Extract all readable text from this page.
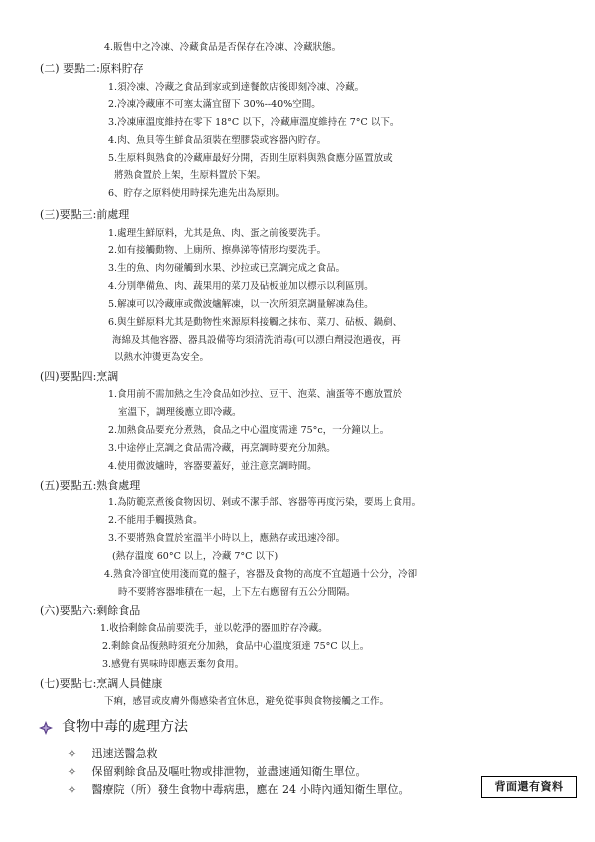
4.販售中之冷凍、冷藏食品是否保存在冷凍、冷藏狀態。
(二) 要點二:原料貯存
1.須冷凍、冷藏之食品到家或到達餐飲店後即刻冷凍、冷藏。
2.冷凍冷藏庫不可塞太滿宜留下 30%--40%空間。
3.冷凍庫溫度維持在零下 18°C 以下，冷藏庫溫度維持在 7°C 以下。
4.肉、魚貝等生鮮食品須裝在塑膠袋或容器內貯存。
5.生原料與熟食的冷藏庫最好分開，否則生原料與熟食應分區置放或
將熟食置於上架，生原料置於下架。
6、貯存之原料使用時採先進先出為原則。
(三)要點三:前處理
1.處理生鮮原料，尤其是魚、肉、蛋之前後要洗手。
2.如有接觸動物、上廁所、擦鼻涕等情形均要洗手。
3.生的魚、肉勿碰觸到水果、沙拉或已烹調完成之食品。
4.分別準備魚、肉、蔬果用的菜刀及砧板並加以標示以利區別。
5.解凍可以冷藏庫或微波爐解凍，以一次所須烹調量解凍為佳。
6.與生鮮原料尤其是動物性來源原料接觸之抹布、菜刀、砧板、鍋剷、
海綿及其他容器、器具設備等均須清洗消毒(可以漂白劑浸泡過夜，再
以熱水沖燙更為安全。
(四)要點四:烹調
1.食用前不需加熱之生冷食品如沙拉、豆干、泡菜、滷蛋等不應放置於
室溫下，調理後應立即冷藏。
2.加熱食品要充分煮熟，食品之中心溫度需達 75°c，一分鐘以上。
3.中途停止烹調之食品需冷藏，再烹調時要充分加熱。
4.使用微波爐時，容器要蓋好，並注意烹調時間。
(五)要點五:熟食處理
1.為防範烹煮後食物因切、剁或不潔手部、容器等再度污染，要馬上食用。
2.不能用手觸摸熟食。
3.不要將熟食置於室溫半小時以上，應熱存或迅速冷卻。
(熱存溫度 60°C 以上，冷藏 7°C 以下)
4.熟食冷卻宜使用淺而寬的盤子，容器及食物的高度不宜超過十公分，冷卻
時不要將容器堆積在一起，上下左右應留有五公分間隔。
(六)要點六:剩餘食品
1.收拾剩餘食品前要洗手，並以乾淨的器皿貯存冷藏。
2.剩餘食品復熱時須充分加熱，食品中心溫度須達 75°C 以上。
3.感覺有異味時即應丟棄勿食用。
(七)要點七:烹調人員健康
下痢，感冒或皮膚外傷感染者宜休息，避免從事與食物接觸之工作。
食物中毒的處理方法
✧ 迅速送醫急救
✧ 保留剩餘食品及嘔吐物或排泄物，並盡速通知衛生單位。
✧ 醫療院（所）發生食物中毒病患，應在 24 小時內通知衛生單位。	背面還有資料
